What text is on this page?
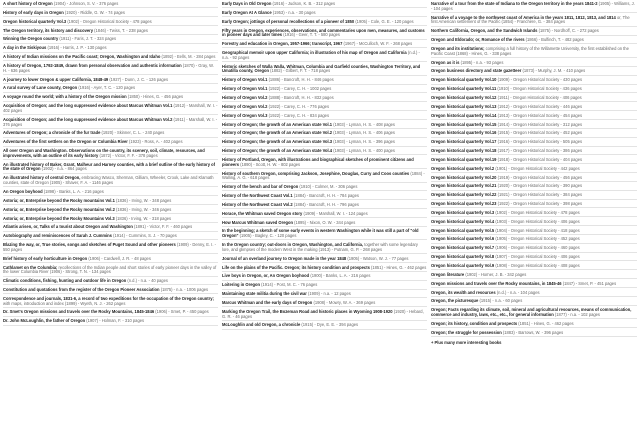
A short history of Oregon (1904) - Johnson, S. V. - 376 pages
History of early days in Oregon (1920) - Riddle, G. W. - 74 pages
Oregon historical quarterly Vol.3 (1902) - Oregon Historical Society - 478 pages
The Oregon territory, its history and discovery (1846) - Twiss, T. - 238 pages
Winning the Oregon country (1911) - Faris, J. T. - 324 pages
A day in the Siskiyous (1916) - Harris, J. P. - 130 pages
A history of Indian missions on the Pacific coast; Oregon, Washington and Idaho (1892) - Eells, M. - 284 pages
A history of Oregon, 1792-1849, drawn from personal observation and authentic information (1870) - Gray, W. H. - 636 pages
A journey to lower Oregon & upper California, 1848-49 (1927) - Dunn, J. C. - 126 pages
A rural survey of Lane county, Oregon (1916) - Ayer, T. C. - 120 pages
A voyage round the world; with a history of the Oregon mission (1850) - Hines, G. - 456 pages
Acquisition of Oregon; and the long suppressed evidence about Marcus Whitman Vol.1 (1912) - Marshall, W. I. - 402 pages
Acquisition of Oregon; and the long suppressed evidence about Marcus Whitman Vol.2 (1911) - Marshall, W. I. - 376 pages
Adventures of Oregon; a chronicle of the fur trade (1920) - Skinner, C. L. - 240 pages
Adventures of the first settlers on the Oregon or Columbia River (1923) - Ross, A. - 402 pages
All over Oregon and Washington. Observations on the country, its scenery, soil, climate, resources, and improvements, with an outline of its early history (1872) - Victor, F. F. - 378 pages
An illustrated history of Baker, Grant, Malheur and Harney counties, with a brief outline of the early history of the state of Oregon (1902) - n.a. - 864 pages
An illustrated history of central Oregon, embracing Wasco, Sherman, Gilliam, Wheeler, Crook, Lake and Klamath counties, state of Oregon (1905) - Shaver, F. A. - 1146 pages
An Oregon boyhood (1898) - Banks, L. A. - 216 pages
Astoria; or, Enterprise beyond the Rocky mountains Vol.1 (1836) - Irving, W. - 348 pages
Astoria; or, Enterprise beyond the Rocky mountains Vol.2 (1836) - Irving, W. - 346 pages
Astoria; or, Enterprise beyond the Rocky Mountains Vol.3 (1836) - Irving, W. - 318 pages
Atlantis arisen, or, Talks of a tourist about Oregon and Washington (1891) - Victor, F. F. - 460 pages
Autobiography and reminiscences of Sarah J. Cummins (1914) - Cummins, S. J. - 70 pages
Blazing the way, or, True stories, songs and sketches of Puget Sound and other pioneers (1909) - Denny, E. I. - 550 pages
Brief history of early horticulture in Oregon (1906) - Cardwell, J. R. - 48 pages
Cathlamet on the Columbia; recollections of the Indian people and short stories of early pioneer days in the valley of the lower Columbia River (1906) - Strong, T. N. - 134 pages
Climatic conditions, fishing, hunting and outdoor life in Oregon (n.d.) - n.a. - 40 pages
Constitution and quotations from the register of the Oregon Pioneer Association (1875) - n.a. - 1006 pages
Correspondence and journals, 1831-6, a record of two expeditions for the occupation of the Oregon country; with maps, introduction and index (1899) - Wyeth, N. J. - 262 pages
Dr. Smet's Oregon missions and travels over the Rocky Mountains, 1845-1846 (1906) - Smet, P. - 450 pages
Dr. John McLoughlin, the father of Oregon (1907) - Holman, F. - 310 pages
Early Days in Old Oregon (1916) - Judson, K. B. - 312 pages
Early Oregon At A Glance (1953) - n.a. - 30 pages
Early Oregon; jottings of personal recollections of a pioneer of 1850 (1905) - Cole, G. E. - 120 pages
Fifty years in Oregon, experiences, observations, and commentaries upon men, measures, and customs in pioneer days and later times (1916) - Geer, T. T. - 580 pages
Forestry and education in Oregon, 1957-1966; transcript, 1967 (1967) - McCulloch, W. F. - 268 pages
Geographical memoir upon upper California; in illustration of his map of Oregon and California (n.d.) - n.a. - 92 pages
Historic sketches of Walla Walla, Whitman, Columbia and Garfield counties, Washington Territory, and Umatilla county, Oregon (1882) - Gilbert, F. T. - 718 pages
History of Oregon Vol.1 (1886) - Bancroft, H. H. - 846 pages
History of Oregon Vol.1 (1922) - Carey, C. H. - 1002 pages
History of Oregon Vol.2 (1888) - Bancroft, H. H. - 832 pages
History of Oregon Vol.2 (1922) - Carey, C. H. - 776 pages
History of Oregon Vol.3 (1922) - Carey, C. H. - 834 pages
History of Oregon; the growth of an American state Vol.1 (1903) - Lyman, H. S. - 408 pages
History of Oregon; the growth of an American state Vol.2 (1903) - Lyman, H. S. - 406 pages
History of Oregon; the growth of an American state Vol.3 (1903) - Lyman, H. S. - 396 pages
History of Oregon; the growth of an American state Vol.4 (1903) - Lyman, H. S. - 400 pages
History of Portland, Oregon, with illustrations and biographical sketches of prominent citizens and pioneers (1890) - Scott, H. W. - 802 pages
History of southern Oregon, comprising Jackson, Josephine, Douglas, Curry and Coos counties (1884) - Walling, A. G. - 618 pages
History of the bench and bar of Oregon (1910) - Colmer, M. - 306 pages
History of the Northwest Coast Vol.1 (1884) - Bancroft, H. H. - 784 pages
History of the Northwest Coast Vol.2 (1884) - Bancroft, H. H. - 796 pages
Horace, the Whitman saved Oregon story (1909) - Marshall, W. I. - 124 pages
How Marcus Whitman saved Oregon (1895) - Nixon, O. W. - 344 pages
In the beginning; a sketch of some early events in western Washington while it was still a part of "old Oregon" (1905) - Bagley, C. - 120 pages
In the Oregon country; out-doors in Oregon, Washington, and California, together with some legendary lore, and glimpses of the modern West in the making (1913) - Putnam, G. P. - 268 pages
Journal of an overland journey to Oregon made in the year 1848 (1905) - Watson, W. J. - 77 pages
Life on the plains of the Pacific. Oregon; its history condition and prospects (1851) - Hines, G. - 462 pages
Live boys in Oregon, or, An Oregon boyhood (1900) - Banks, L. A. - 216 pages
Loitering in Oregon (1914) - Post, M. C. - 76 pages
Maintaining state militia during the civil war (1909) - n.a. - 12 pages
Marcus Whitman and the early days of Oregon (1908) - Mowry, W. A. - 369 pages
Marking the Oregon Trail, the Bozeman Road and historic places in Wyoming 1908-1920 (1920) - Hebard, G. R. - 46 pages
McLoughlin and old Oregon, a chronicle (1915) - Dye, E. E. - 394 pages
Narrative of a tour from the state of Indiana to the Oregon territory in the years 1841-2 (1905) - Williams, J. - 104 pages
Narrative of a voyage to the northwest coast of America in the years 1811, 1812, 1813, and 1814 or, The first American settlement of the Pacific (1854) - Franchère, G. - 384 pages
Northern California, Oregon, and the Sandwich Islands (1875) - Nordhoff, C. - 272 pages
Oregon and Eldorado; or, Romance of the rivers (1866) - Bulfinch, T. - 482 pages
Oregon and its institutions; comprising a full history of the Willamette University, the first established on the Pacific Coast (1868) - Hines, G. - 338 pages
Oregon as it is (1895) - n.a. - 93 pages
Oregon business directory and state gazetteer (1873) - Murphy, J. M. - 410 pages
Oregon historical quarterly Vol.10 (1909) - Oregon Historical Society - 430 pages
Oregon historical quarterly Vol.11 (1910) - Oregon Historical Society - 436 pages
Oregon historical quarterly Vol.12 (1911) - Oregon Historical Society - 406 pages
Oregon historical quarterly Vol.13 (1912) - Oregon Historical Society - 446 pages
Oregon historical quarterly Vol.14 (1913) - Oregon Historical Society - 454 pages
Oregon historical quarterly Vol.15 (1914) - Oregon Historical Society - 312 pages
Oregon historical quarterly Vol.16 (1915) - Oregon Historical Society - 452 pages
Oregon historical quarterly Vol.17 (1916) - Oregon Historical Society - 505 pages
Oregon historical quarterly Vol.18 (1917) - Oregon Historical Society - 386 pages
Oregon historical quarterly Vol.19 (1918) - Oregon Historical Society - 404 pages
Oregon historical quarterly Vol.2 (1901) - Oregon Historical Society - 442 pages
Oregon historical quarterly Vol.20 (1919) - Oregon Historical Society - 456 pages
Oregon historical quarterly Vol.21 (1920) - Oregon Historical Society - 390 pages
Oregon historical quarterly Vol.22 (1921) - Oregon Historical Society - 384 pages
Oregon historical quarterly Vol.23 (1922) - Oregon Historical Society - 398 pages
Oregon historical quarterly Vol.3 (1902) - Oregon Historical Society - 478 pages
Oregon historical quarterly Vol.4 (1903) - Oregon Historical Society - 406 pages
Oregon historical quarterly Vol.5 (1904) - Oregon Historical Society - 418 pages
Oregon historical quarterly Vol.6 (1905) - Oregon Historical Society - 452 pages
Oregon historical quarterly Vol.7 (1906) - Oregon Historical Society - 460 pages
Oregon historical quarterly Vol.8 (1907) - Oregon Historical Society - 406 pages
Oregon historical quarterly Vol.9 (1908) - Oregon Historical Society - 408 pages
Oregon literature (1902) - Horner, J. B. - 342 pages
Oregon missions and travels over the Rocky mountains, in 1845-46 (1847) - Smet, P. - 451 pages
Oregon, its wealth and resources (n.d.) - n.a. - 104 pages
Oregon, the picturesque (1915) - n.a. - 60 pages
Oregon; Facts regarding its climate, soil, mineral and agricultural resources, means of communication, commerce and industry, laws, etc., etc., for general information (1877) - n.a. - 102 pages
Oregon; its history, condition and prospects (1851) - Hines, G. - 462 pages
Oregon; the struggle for possession (1883) - Barrows, W. - 396 pages
+ Plus many more interesting books
